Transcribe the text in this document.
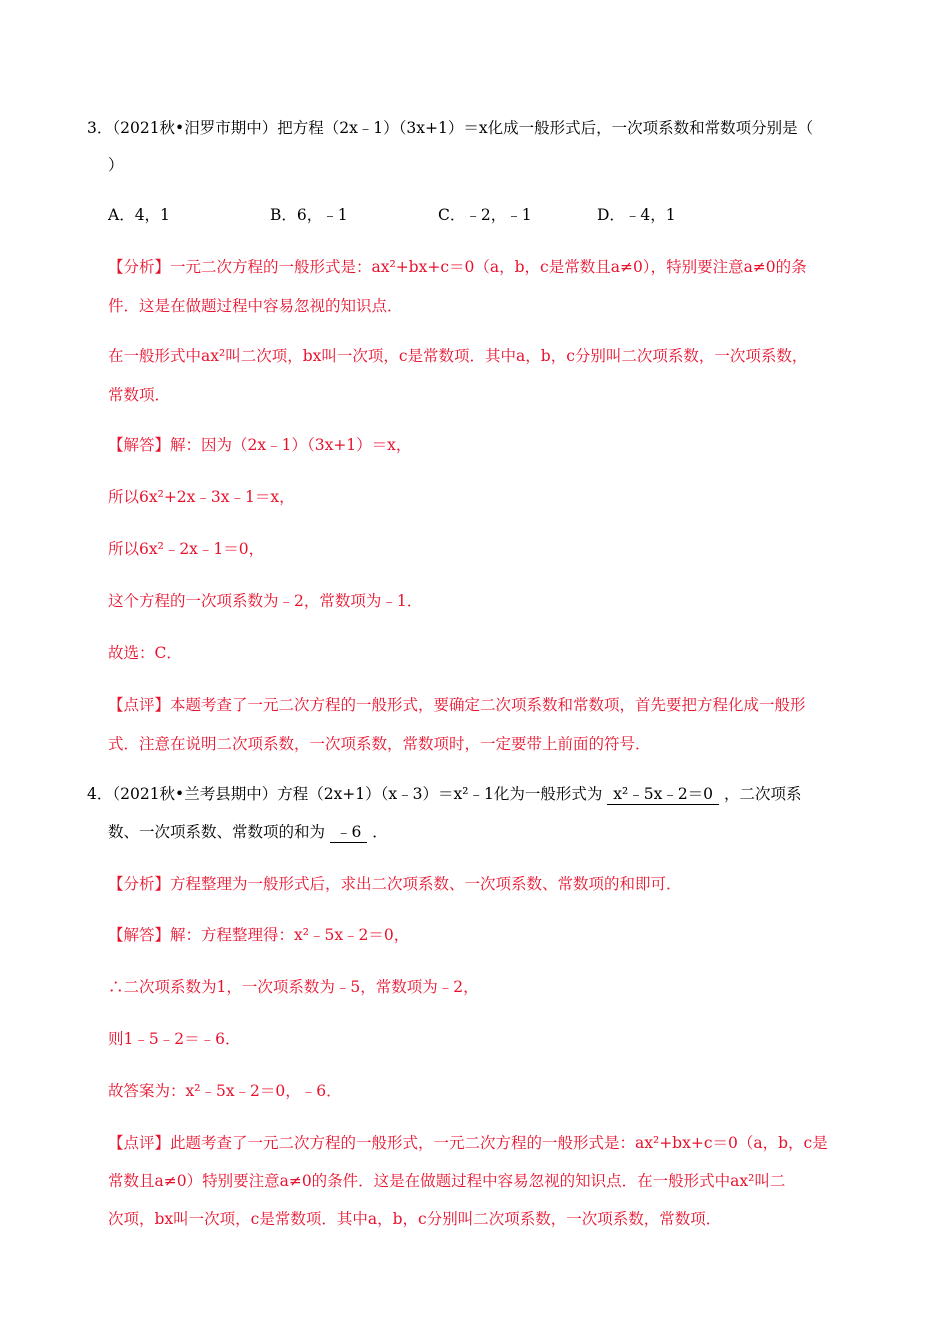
3．（2021秋•汨罗市期中）把方程（2x﹣1）（3x+1）＝x化成一般形式后，一次项系数和常数项分别是（
）
A．4，1	B．6，﹣1	C．﹣2，﹣1	D．﹣4，1
【分析】一元二次方程的一般形式是：ax²+bx+c＝0（a，b，c是常数且a≠0），特别要注意a≠0的条
件．这是在做题过程中容易忽视的知识点．
在一般形式中ax²叫二次项，bx叫一次项，c是常数项．其中a，b，c分别叫二次项系数，一次项系数，
常数项．
【解答】解：因为（2x﹣1）（3x+1）＝x，
所以6x²+2x﹣3x﹣1＝x，
所以6x²﹣2x﹣1＝0，
这个方程的一次项系数为﹣2，常数项为﹣1．
故选：C．
【点评】本题考查了一元二次方程的一般形式，要确定二次项系数和常数项，首先要把方程化成一般形
式．注意在说明二次项系数，一次项系数，常数项时，一定要带上前面的符号．
4．（2021秋•兰考县期中）方程（2x+1）（x﹣3）＝x²﹣1化为一般形式为 x²﹣5x﹣2＝0 ，二次项系
数、一次项系数、常数项的和为 ﹣6 ．
【分析】方程整理为一般形式后，求出二次项系数、一次项系数、常数项的和即可．
【解答】解：方程整理得：x²﹣5x﹣2＝0，
∴二次项系数为1，一次项系数为﹣5，常数项为﹣2，
则1﹣5﹣2＝﹣6．
故答案为：x²﹣5x﹣2＝0，﹣6．
【点评】此题考查了一元二次方程的一般形式，一元二次方程的一般形式是：ax²+bx+c＝0（a，b，c是
常数且a≠0）特别要注意a≠0的条件．这是在做题过程中容易忽视的知识点．在一般形式中ax²叫二
次项，bx叫一次项，c是常数项．其中a，b，c分别叫二次项系数，一次项系数，常数项．
